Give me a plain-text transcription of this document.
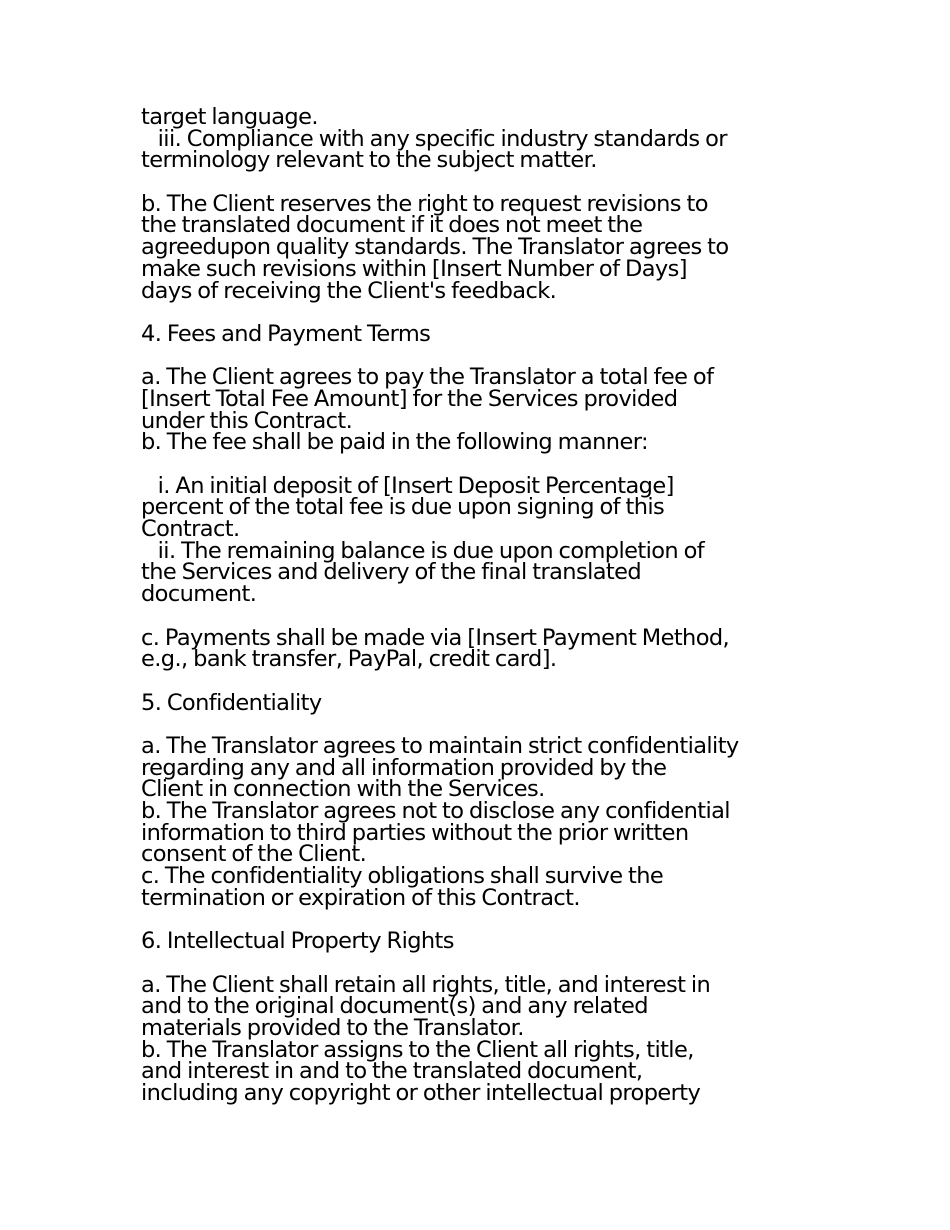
target language.
iii. Compliance with any specific industry standards or
terminology relevant to the subject matter.
b. The Client reserves the right to request revisions to
the translated document if it does not meet the
agreedupon quality standards. The Translator agrees to
make such revisions within [Insert Number of Days]
days of receiving the Client's feedback.
4. Fees and Payment Terms
a. The Client agrees to pay the Translator a total fee of
[Insert Total Fee Amount] for the Services provided
under this Contract.
b. The fee shall be paid in the following manner:
i. An initial deposit of [Insert Deposit Percentage]
percent of the total fee is due upon signing of this
Contract.
ii. The remaining balance is due upon completion of
the Services and delivery of the final translated
document.
c. Payments shall be made via [Insert Payment Method,
e.g., bank transfer, PayPal, credit card].
5. Confidentiality
a. The Translator agrees to maintain strict confidentiality
regarding any and all information provided by the
Client in connection with the Services.
b. The Translator agrees not to disclose any confidential
information to third parties without the prior written
consent of the Client.
c. The confidentiality obligations shall survive the
termination or expiration of this Contract.
6. Intellectual Property Rights
a. The Client shall retain all rights, title, and interest in
and to the original document(s) and any related
materials provided to the Translator.
b. The Translator assigns to the Client all rights, title,
and interest in and to the translated document,
including any copyright or other intellectual property
